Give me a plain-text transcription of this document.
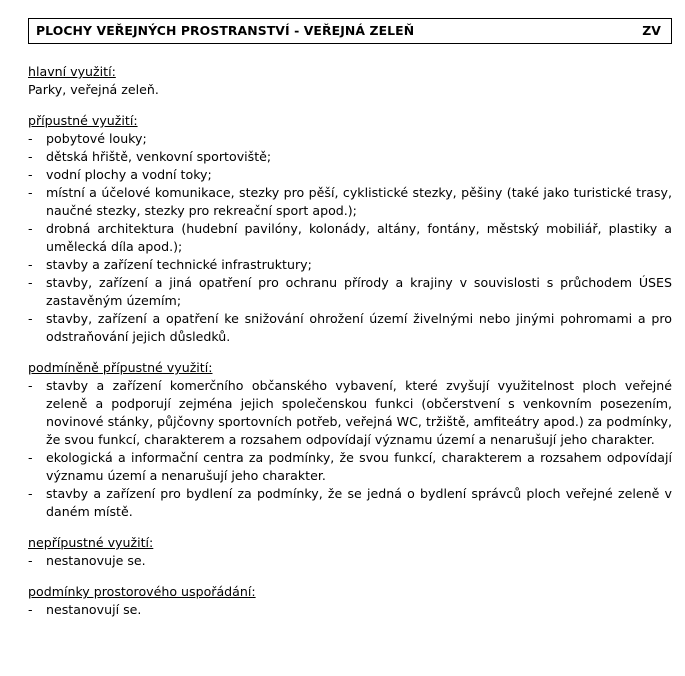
PLOCHY VEŘEJNÝCH PROSTRANSTVÍ - VEŘEJNÁ ZELEŇ	ZV
hlavní využití:

Parky, veřejná zeleň.

přípustné využití:
- pobytové louky;
- dětská hřiště, venkovní sportoviště;
- vodní plochy a vodní toky;
- místní a účelové komunikace, stezky pro pěší, cyklistické stezky, pěšiny (také jako turistické trasy, naučné stezky, stezky pro rekreační sport apod.);
- drobná architektura (hudební pavilóny, kolonády, altány, fontány, městský mobiliář, plastiky a umělecká díla apod.);
- stavby a zařízení technické infrastruktury;
- stavby, zařízení a jiná opatření pro ochranu přírody a krajiny v souvislosti s průchodem ÚSES zastavěným územím;
- stavby, zařízení a opatření ke snižování ohrožení území živelnými nebo jinými pohromami a pro odstraňování jejich důsledků.
podmíněně přípustné využití:
- stavby a zařízení komerčního občanského vybavení, které zvyšují využitelnost ploch veřejné zeleně a podporují zejména jejich společenskou funkci (občerstvení s venkovním posezením, novinové stánky, půjčovny sportovních potřeb, veřejná WC, tržiště, amfiteátry apod.) za podmínky, že svou funkcí, charakterem a rozsahem odpovídají významu území a nenarušují jeho charakter.
- ekologická a informační centra za podmínky, že svou funkcí, charakterem a rozsahem odpovídají významu území a nenarušují jeho charakter.
- stavby a zařízení pro bydlení za podmínky, že se jedná o bydlení správců ploch veřejné zeleně v daném místě.
nepřípustné využití:
- nestanovuje se.
podmínky prostorového uspořádání:
- nestanovují se.
